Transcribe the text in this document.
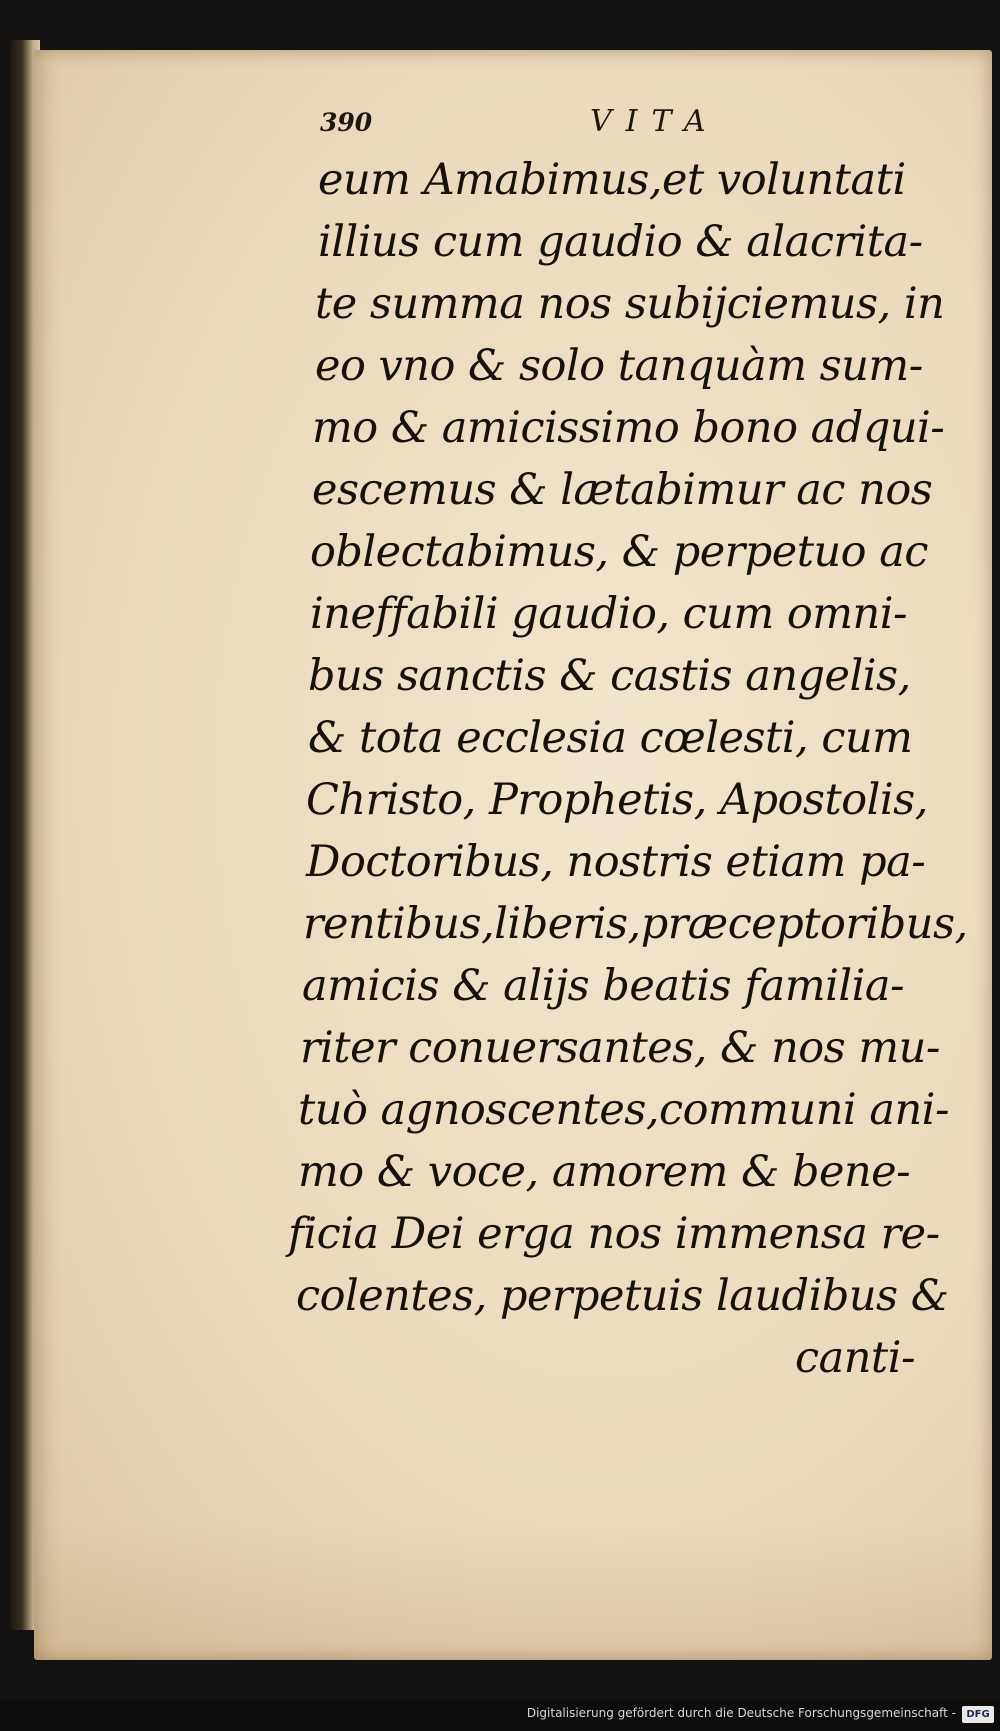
390	VITA
eum Amabimus,et voluntati
illius cum gaudio & alacrita-
te summa nos subijciemus, in
eo vno & solo tanquàm sum-
mo & amicissimo bono adqui-
escemus & lætabimur ac nos
oblectabimus, & perpetuo ac
ineffabili gaudio, cum omni-
bus sanctis & castis angelis,
& tota ecclesia cœlesti, cum
Christo, Prophetis, Apostolis,
Doctoribus, nostris etiam pa-
rentibus,liberis,præceptoribus,
amicis & alijs beatis familia-
riter conuersantes, & nos mu-
tuò agnoscentes,communi ani-
mo & voce, amorem & bene-
ficia Dei erga nos immensa re-
colentes, perpetuis laudibus &
canti-
Digitalisierung gefördert durch die Deutsche Forschungsgemeinschaft -	DFG
